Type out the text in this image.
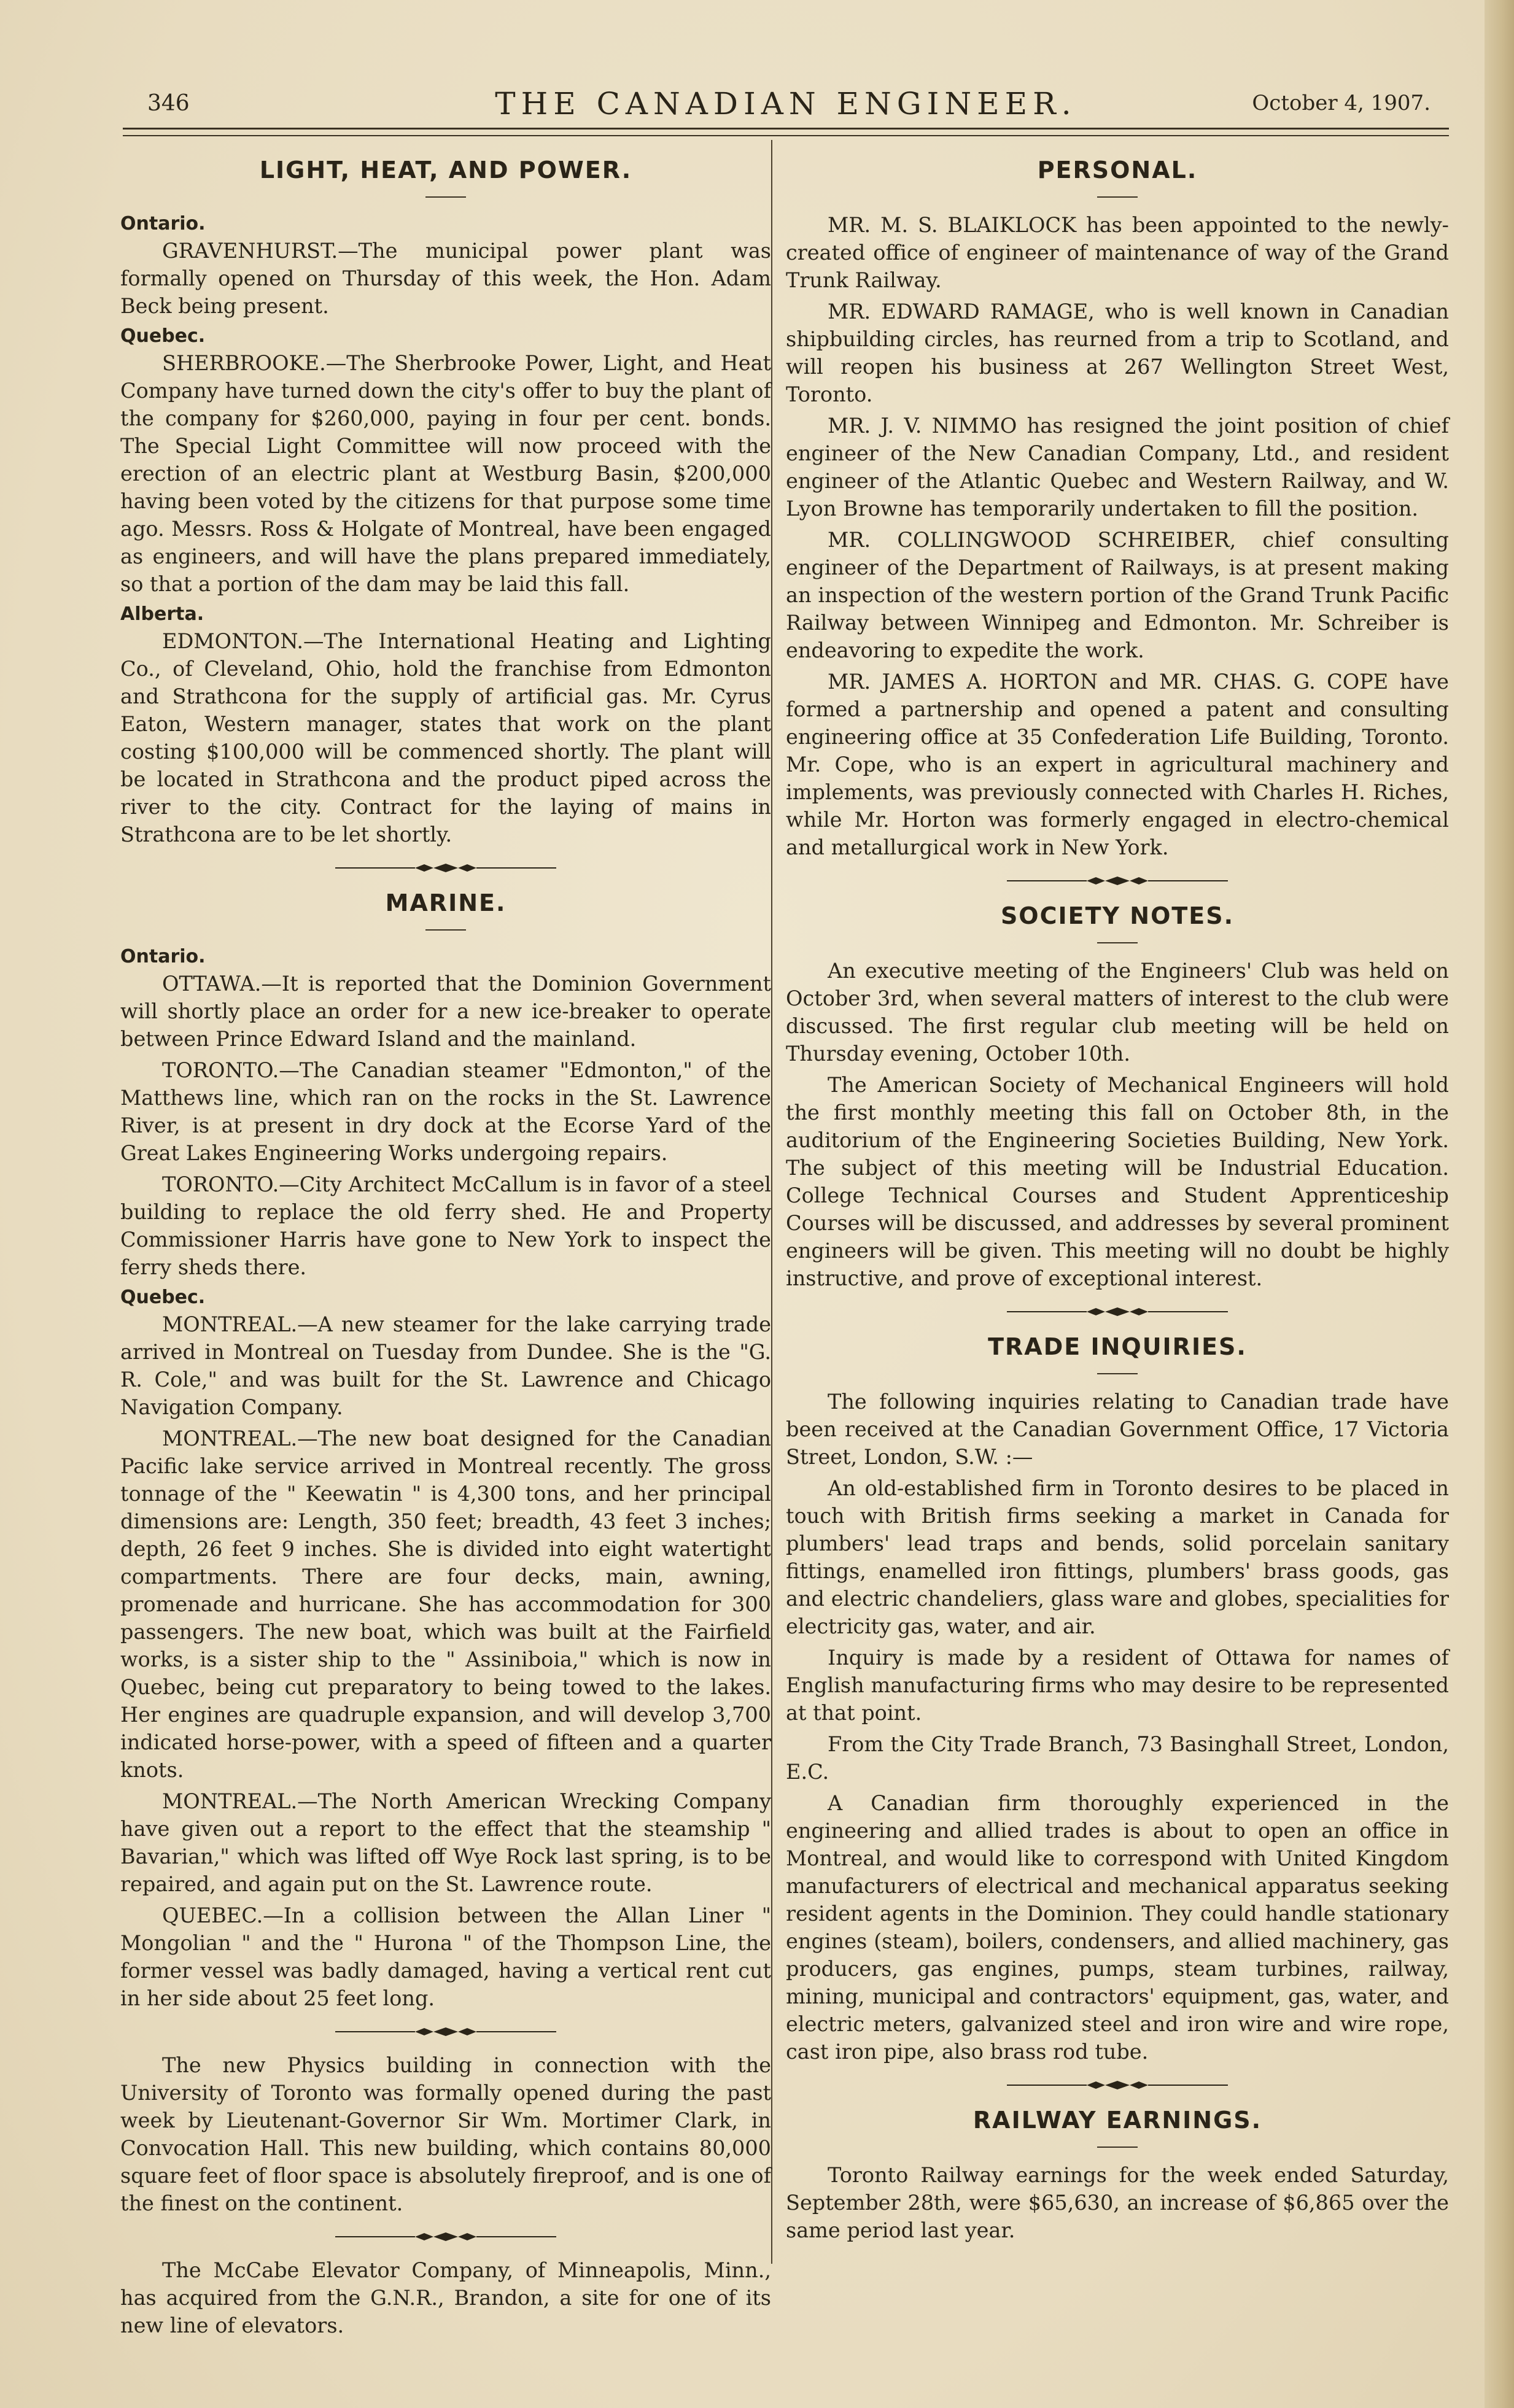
346	THE CANADIAN ENGINEER.	October 4, 1907.
LIGHT, HEAT, AND POWER.
Ontario.

GRAVENHURST.—The municipal power plant was formally opened on Thursday of this week, the Hon. Adam Beck being present.

Quebec.

SHERBROOKE.—The Sherbrooke Power, Light, and Heat Company have turned down the city's offer to buy the plant of the company for $260,000, paying in four per cent. bonds. The Special Light Committee will now proceed with the erection of an electric plant at Westburg Basin, $200,000 having been voted by the citizens for that purpose some time ago. Messrs. Ross & Holgate of Montreal, have been engaged as engineers, and will have the plans prepared immediately, so that a portion of the dam may be laid this fall.

Alberta.

EDMONTON.—The International Heating and Lighting Co., of Cleveland, Ohio, hold the franchise from Edmonton and Strathcona for the supply of artificial gas. Mr. Cyrus Eaton, Western manager, states that work on the plant costing $100,000 will be commenced shortly. The plant will be located in Strathcona and the product piped across the river to the city. Contract for the laying of mains in Strathcona are to be let shortly.

MARINE.
Ontario.

OTTAWA.—It is reported that the Dominion Government will shortly place an order for a new ice-breaker to operate between Prince Edward Island and the mainland.

TORONTO.—The Canadian steamer "Edmonton," of the Matthews line, which ran on the rocks in the St. Lawrence River, is at present in dry dock at the Ecorse Yard of the Great Lakes Engineering Works undergoing repairs.

TORONTO.—City Architect McCallum is in favor of a steel building to replace the old ferry shed. He and Property Commissioner Harris have gone to New York to inspect the ferry sheds there.

Quebec.

MONTREAL.—A new steamer for the lake carrying trade arrived in Montreal on Tuesday from Dundee. She is the "G. R. Cole," and was built for the St. Lawrence and Chicago Navigation Company.

MONTREAL.—The new boat designed for the Canadian Pacific lake service arrived in Montreal recently. The gross tonnage of the " Keewatin " is 4,300 tons, and her principal dimensions are: Length, 350 feet; breadth, 43 feet 3 inches; depth, 26 feet 9 inches. She is divided into eight watertight compartments. There are four decks, main, awning, promenade and hurricane. She has accommodation for 300 passengers. The new boat, which was built at the Fairfield works, is a sister ship to the " Assiniboia," which is now in Quebec, being cut preparatory to being towed to the lakes. Her engines are quadruple expansion, and will develop 3,700 indicated horse-power, with a speed of fifteen and a quarter knots.

MONTREAL.—The North American Wrecking Company have given out a report to the effect that the steamship " Bavarian," which was lifted off Wye Rock last spring, is to be repaired, and again put on the St. Lawrence route.

QUEBEC.—In a collision between the Allan Liner " Mongolian " and the " Hurona " of the Thompson Line, the former vessel was badly damaged, having a vertical rent cut in her side about 25 feet long.

The new Physics building in connection with the University of Toronto was formally opened during the past week by Lieutenant-Governor Sir Wm. Mortimer Clark, in Convocation Hall. This new building, which contains 80,000 square feet of floor space is absolutely fireproof, and is one of the finest on the continent.

The McCabe Elevator Company, of Minneapolis, Minn., has acquired from the G.N.R., Brandon, a site for one of its new line of elevators.

PERSONAL.

MR. M. S. BLAIKLOCK has been appointed to the newly-created office of engineer of maintenance of way of the Grand Trunk Railway.

MR. EDWARD RAMAGE, who is well known in Canadian shipbuilding circles, has reurned from a trip to Scotland, and will reopen his business at 267 Wellington Street West, Toronto.

MR. J. V. NIMMO has resigned the joint position of chief engineer of the New Canadian Company, Ltd., and resident engineer of the Atlantic Quebec and Western Railway, and W. Lyon Browne has temporarily undertaken to fill the position.

MR. COLLINGWOOD SCHREIBER, chief consulting engineer of the Department of Railways, is at present making an inspection of the western portion of the Grand Trunk Pacific Railway between Winnipeg and Edmonton. Mr. Schreiber is endeavoring to expedite the work.

MR. JAMES A. HORTON and MR. CHAS. G. COPE have formed a partnership and opened a patent and consulting engineering office at 35 Confederation Life Building, Toronto. Mr. Cope, who is an expert in agricultural machinery and implements, was previously connected with Charles H. Riches, while Mr. Horton was formerly engaged in electro-chemical and metallurgical work in New York.

SOCIETY NOTES.

An executive meeting of the Engineers' Club was held on October 3rd, when several matters of interest to the club were discussed. The first regular club meeting will be held on Thursday evening, October 10th.

The American Society of Mechanical Engineers will hold the first monthly meeting this fall on October 8th, in the auditorium of the Engineering Societies Building, New York. The subject of this meeting will be Industrial Education. College Technical Courses and Student Apprenticeship Courses will be discussed, and addresses by several prominent engineers will be given. This meeting will no doubt be highly instructive, and prove of exceptional interest.

TRADE INQUIRIES.

The following inquiries relating to Canadian trade have been received at the Canadian Government Office, 17 Victoria Street, London, S.W. :—

An old-established firm in Toronto desires to be placed in touch with British firms seeking a market in Canada for plumbers' lead traps and bends, solid porcelain sanitary fittings, enamelled iron fittings, plumbers' brass goods, gas and electric chandeliers, glass ware and globes, specialities for electricity gas, water, and air.

Inquiry is made by a resident of Ottawa for names of English manufacturing firms who may desire to be represented at that point.

From the City Trade Branch, 73 Basinghall Street, London, E.C.

A Canadian firm thoroughly experienced in the engineering and allied trades is about to open an office in Montreal, and would like to correspond with United Kingdom manufacturers of electrical and mechanical apparatus seeking resident agents in the Dominion. They could handle stationary engines (steam), boilers, condensers, and allied machinery, gas producers, gas engines, pumps, steam turbines, railway, mining, municipal and contractors' equipment, gas, water, and electric meters, galvanized steel and iron wire and wire rope, cast iron pipe, also brass rod tube.

RAILWAY EARNINGS.

Toronto Railway earnings for the week ended Saturday, September 28th, were $65,630, an increase of $6,865 over the same period last year.
